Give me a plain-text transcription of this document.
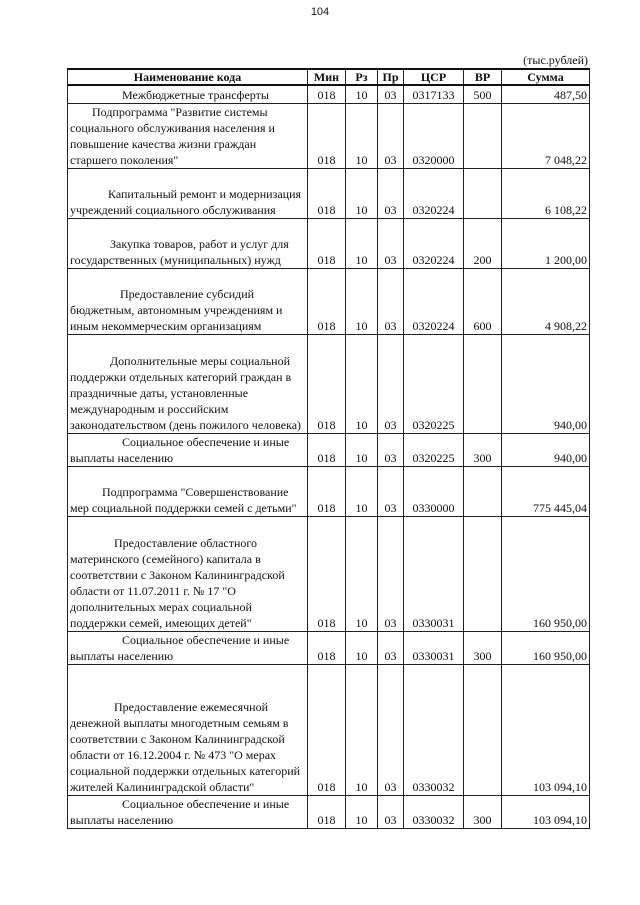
104
(тыс.рублей)
Наименование кода	Мин	Рз	Пр	ЦСР	ВР	Сумма
Межбюджетные трансферты	018	10	03	0317133	500	487,50
Подпрограмма "Развитие системы социального обслуживания населения и повышение качества жизни граждан старшего поколения"	018	10	03	0320000		7 048,22
Капитальный ремонт и модернизация учреждений социального обслуживания	018	10	03	0320224		6 108,22
Закупка товаров, работ и услуг для государственных (муниципальных) нужд	018	10	03	0320224	200	1 200,00
Предоставление субсидий бюджетным, автономным учреждениям и иным некоммерческим организациям	018	10	03	0320224	600	4 908,22
Дополнительные меры социальной поддержки отдельных категорий граждан в праздничные даты, установленные международным и российским законодательством (день пожилого человека)	018	10	03	0320225		940,00
Социальное обеспечение и иные выплаты населению	018	10	03	0320225	300	940,00
Подпрограмма "Совершенствование мер социальной поддержки семей с детьми"	018	10	03	0330000		775 445,04
Предоставление областного материнского (семейного) капитала в соответствии с Законом Калининградской области от 11.07.2011 г. № 17 "О дополнительных мерах социальной поддержки семей, имеющих детей"	018	10	03	0330031		160 950,00
Социальное обеспечение и иные выплаты населению	018	10	03	0330031	300	160 950,00
Предоставление ежемесячной денежной выплаты многодетным семьям в соответствии с Законом Калининградской области от 16.12.2004 г. № 473 "О мерах социальной поддержки отдельных категорий жителей Калининградской области"	018	10	03	0330032		103 094,10
Социальное обеспечение и иные выплаты населению	018	10	03	0330032	300	103 094,10
